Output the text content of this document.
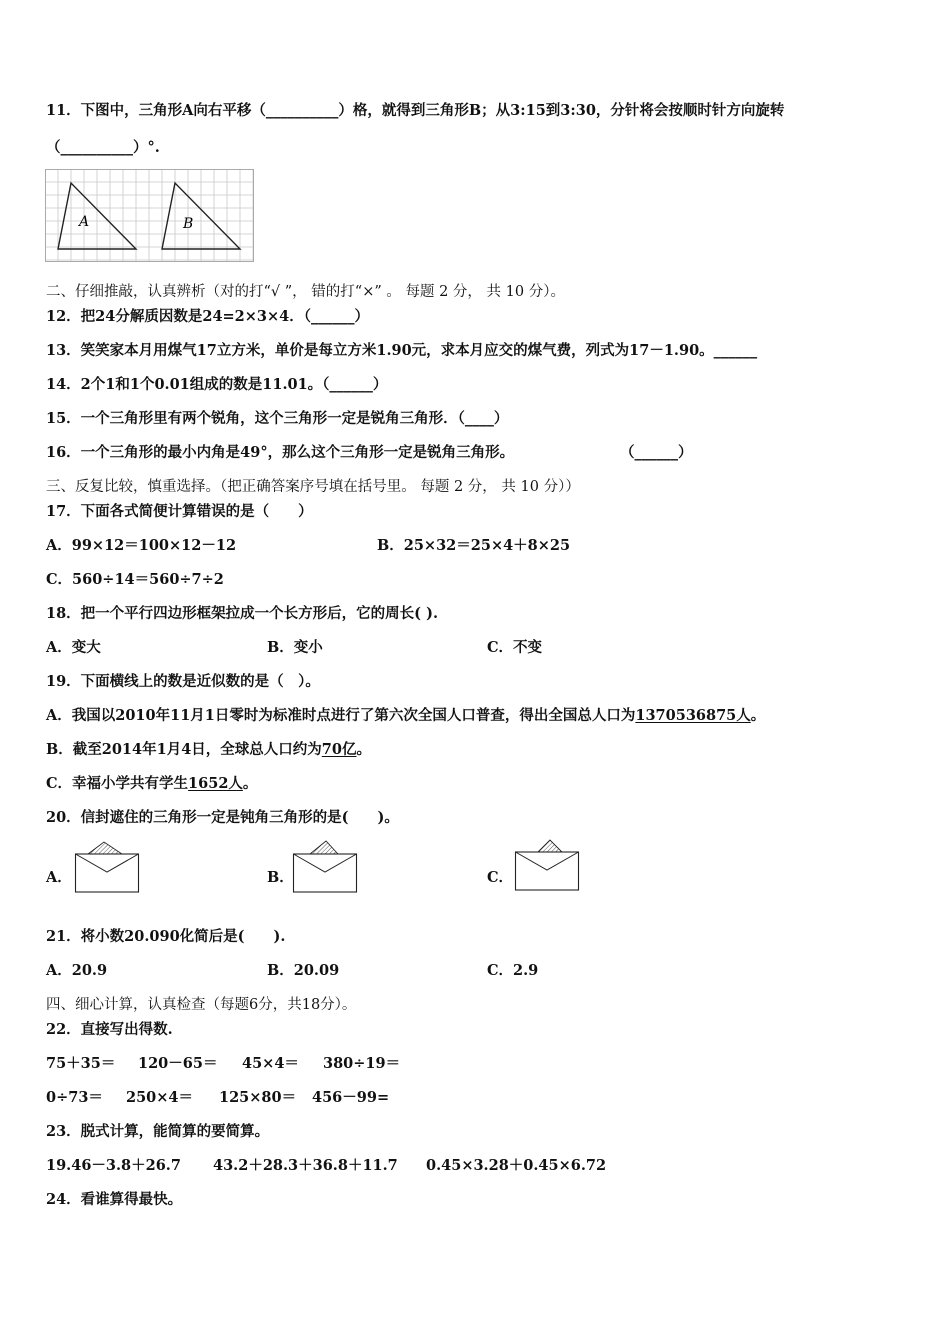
11．下图中，三角形A向右平移（__________）格，就得到三角形B；从3:15到3:30，分针将会按顺时针方向旋转
（__________）°.
A	B
二、仔细推敲，认真辨析（对的打“√ ”， 错的打“×” 。 每题 2 分， 共 10 分）。
12．把24分解质因数是24=2×3×4．（______）
13．笑笑家本月用煤气17立方米，单价是每立方米1.90元，求本月应交的煤气费，列式为17－1.90。______
14．2个1和1个0.01组成的数是11.01。（______）
15．一个三角形里有两个锐角，这个三角形一定是锐角三角形．（____）
16．一个三角形的最小内角是49°，那么这个三角形一定是锐角三角形。	（______）
三、反复比较，慎重选择。（把正确答案序号填在括号里。 每题 2 分， 共 10 分））
17．下面各式简便计算错误的是（　　）
A．99×12＝100×12－12	B．25×32＝25×4＋8×25
C．560÷14＝560÷7÷2
18．把一个平行四边形框架拉成一个长方形后，它的周长( ).
A．变大	B．变小	C．不变
19．下面横线上的数是近似数的是（　）。
A．我国以2010年11月1日零时为标准时点进行了第六次全国人口普查，得出全国总人口为1370536875人。
B．截至2014年1月4日，全球总人口约为70亿。
C．幸福小学共有学生1652人。
20．信封遮住的三角形一定是钝角三角形的是(　　)。
A．	B．	C．
21．将小数20.090化简后是(　　).
A．20.9	B．20.09	C．2.9
四、细心计算，认真检查（每题6分，共18分）。
22．直接写出得数.
75＋35＝ 120－65＝ 45×4＝ 380÷19＝
0÷73＝ 250×4＝ 125×80＝ 456－99=
23．脱式计算，能简算的要简算。
19.46－3.8＋26.7 43.2＋28.3＋36.8＋11.7 0.45×3.28＋0.45×6.72
24．看谁算得最快。
